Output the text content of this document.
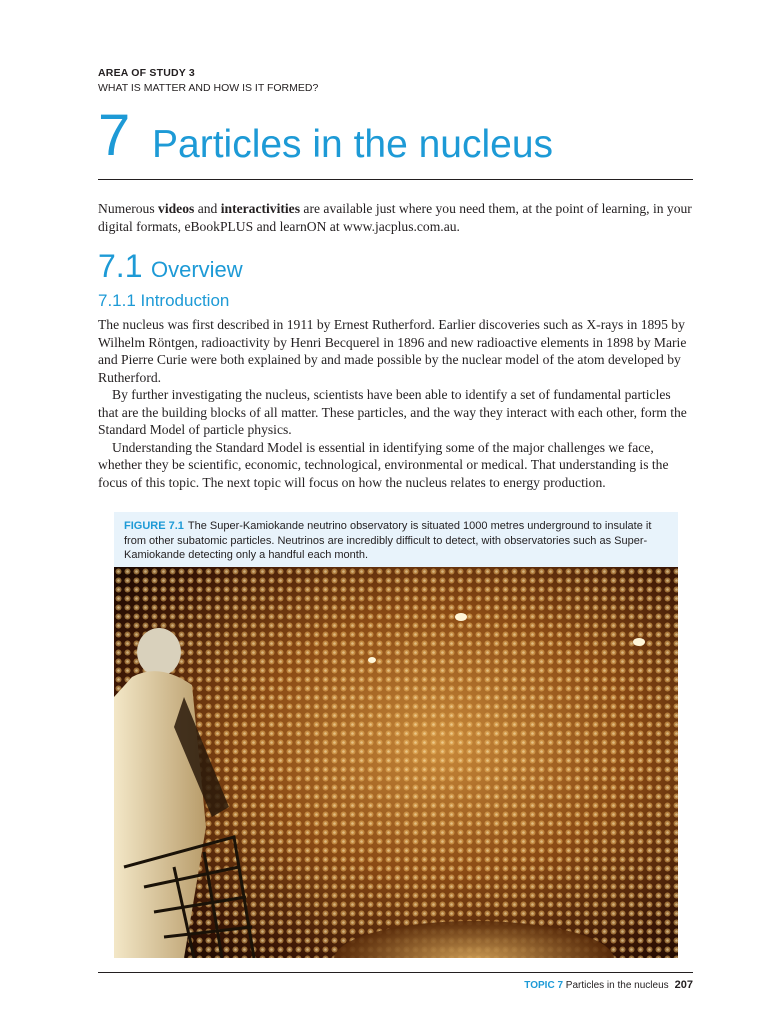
AREA OF STUDY 3
WHAT IS MATTER AND HOW IS IT FORMED?
7 Particles in the nucleus
Numerous videos and interactivities are available just where you need them, at the point of learning, in your digital formats, eBookPLUS and learnON at www.jacplus.com.au.
7.1 Overview
7.1.1 Introduction

The nucleus was first described in 1911 by Ernest Rutherford. Earlier discoveries such as X-rays in 1895 by Wilhelm Röntgen, radioactivity by Henri Becquerel in 1896 and new radioactive elements in 1898 by Marie and Pierre Curie were both explained by and made possible by the nuclear model of the atom developed by Rutherford.

By further investigating the nucleus, scientists have been able to identify a set of fundamental particles that are the building blocks of all matter. These particles, and the way they interact with each other, form the Standard Model of particle physics.

Understanding the Standard Model is essential in identifying some of the major challenges we face, whether they be scientific, economic, technological, environmental or medical. That understanding is the focus of this topic. The next topic will focus on how the nucleus relates to energy production.

FIGURE 7.1 The Super-Kamiokande neutrino observatory is situated 1000 metres underground to insulate it from other subatomic particles. Neutrinos are incredibly difficult to detect, with observatories such as Super-Kamiokande detecting only a handful each month.
TOPIC 7 Particles in the nucleus 207
